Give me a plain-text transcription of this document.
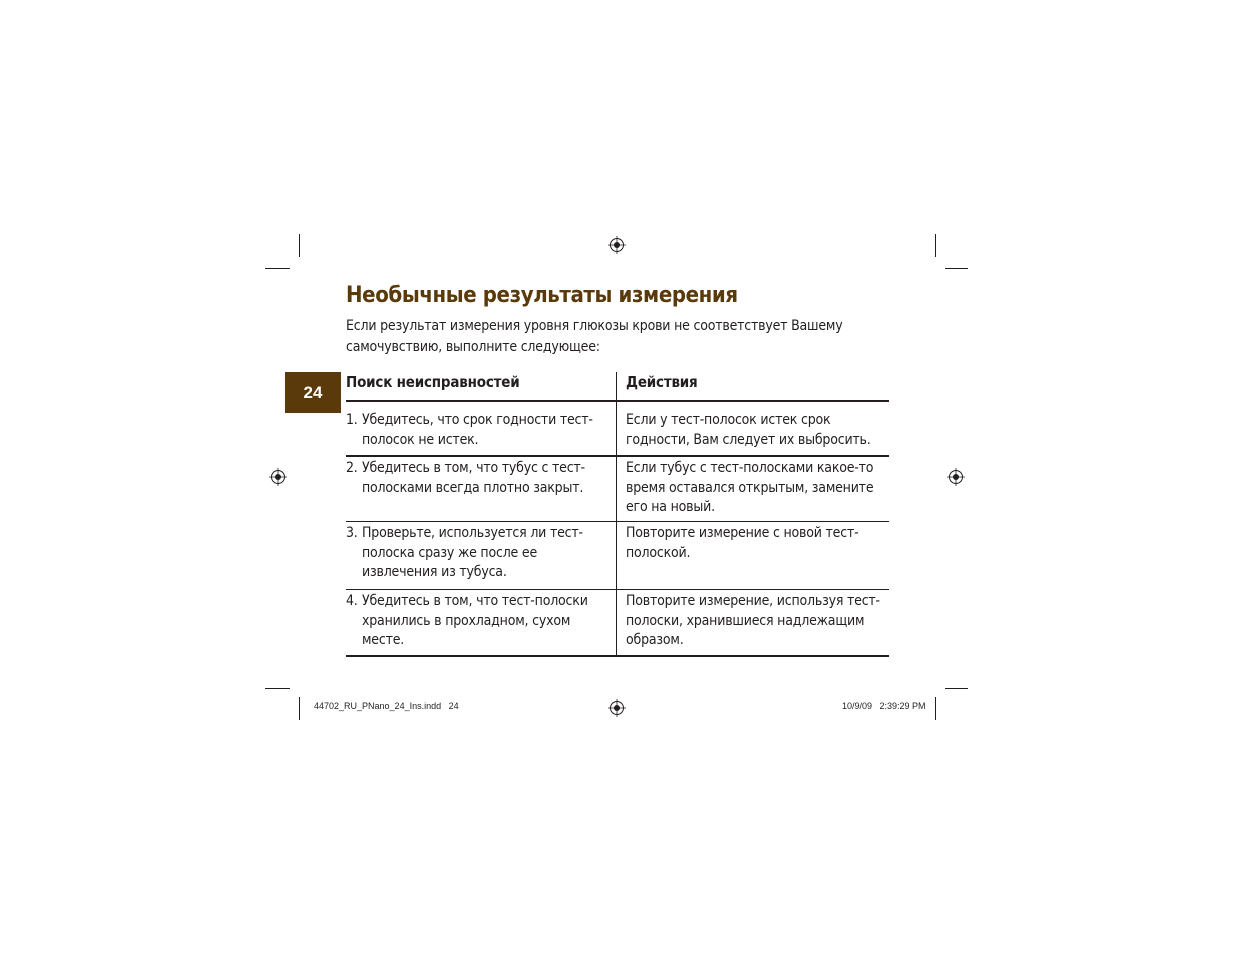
Необычные результаты измерения

Если результат измерения уровня глюкозы крови не соответствует Вашему самочувствию, выполните следующее:

24
Поиск неисправностей	Действия
1. Убедитесь, что срок годности тест-полосок не истек.
Если у тест-полосок истек срок годности, Вам следует их выбросить.
2. Убедитесь в том, что тубус с тест-полосками всегда плотно закрыт.
Если тубус с тест-полосками какое-то время оставался открытым, замените его на новый.
3. Проверьте, используется ли тест-полоска сразу же после ее извлечения из тубуса.
Повторите измерение с новой тест-полоской.
4. Убедитесь в том, что тест-полоски хранились в прохладном, сухом месте.
Повторите измерение, используя тест-полоски, хранившиеся надлежащим образом.
44702_RU_PNano_24_Ins.indd   24	10/9/09   2:39:29 PM
